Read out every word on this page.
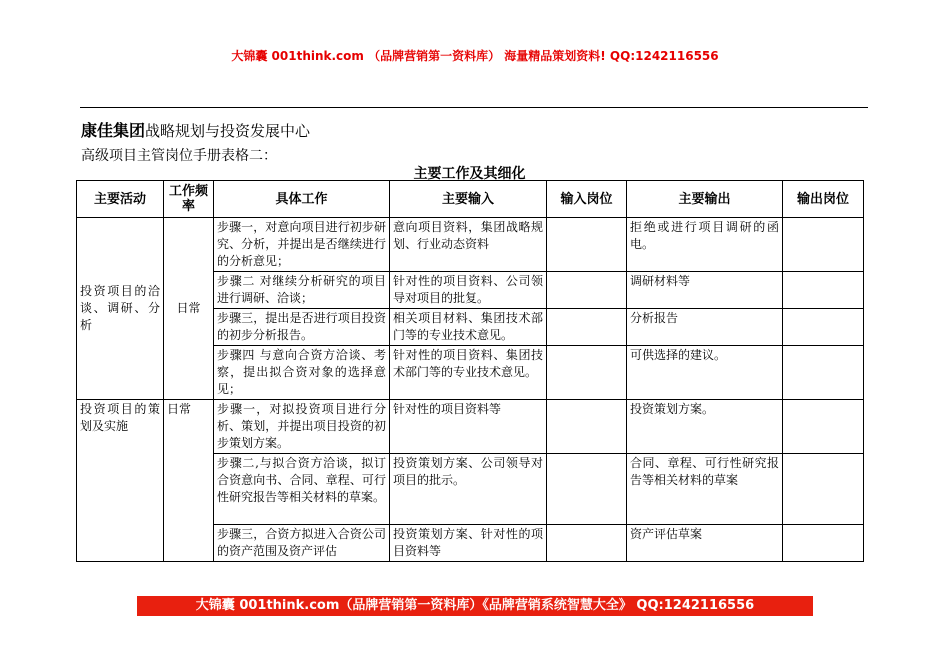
大锦囊 001think.com （品牌营销第一资料库） 海量精品策划资料! QQ:1242116556
康佳集团战略规划与投资发展中心
高级项目主管岗位手册表格二：
主要工作及其细化
主要活动	工作频率	具体工作	主要输入	输入岗位	主要输出	输出岗位
投资项目的洽谈、调研、分析	日常	步骤一，对意向项目进行初步研究、分析，并提出是否继续进行的分析意见；	意向项目资料，集团战略规划、行业动态资料		拒绝或进行项目调研的函电。	
		步骤二 对继续分析研究的项目进行调研、洽谈；	针对性的项目资料、公司领导对项目的批复。		调研材料等	
		步骤三，提出是否进行项目投资的初步分析报告。	相关项目材料、集团技术部门等的专业技术意见。		分析报告	
		步骤四 与意向合资方洽谈、考察，提出拟合资对象的选择意见；	针对性的项目资料、集团技术部门等的专业技术意见。		可供选择的建议。	
投资项目的策划及实施	日常	步骤一，对拟投资项目进行分析、策划，并提出项目投资的初步策划方案。	针对性的项目资料等		投资策划方案。	
		步骤二,与拟合资方洽谈，拟订合资意向书、合同、章程、可行性研究报告等相关材料的草案。	投资策划方案、公司领导对项目的批示。		合同、章程、可行性研究报告等相关材料的草案	
		步骤三，合资方拟进入合资公司的资产范围及资产评估	投资策划方案、针对性的项目资料等		资产评估草案	
大锦囊 001think.com（品牌营销第一资料库）《品牌营销系统智慧大全》 QQ:1242116556
